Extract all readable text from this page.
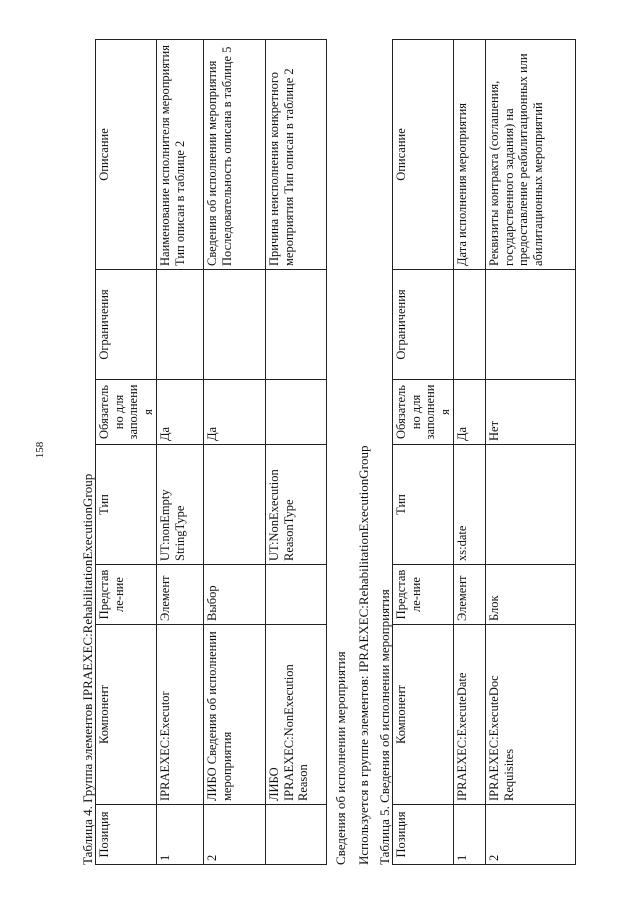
158
Таблица 4. Группа элементов IPRAEXEC:RehabilitationExecutionGroup Позиция	Компонент	Представле-ние	Тип	Обязательно для заполнения	Ограничения	Описание
1	IPRAEXEC:Executor	Элемент	UT:nonEmpty StringType	Да		Наименование исполнителя мероприятия Тип описан в таблице 2
2	ЛИБО Сведения об исполнении мероприятия	Выбор		Да		Сведения об исполнении мероприятия Последовательность описана в таблице 5
	ЛИБО IPRAEXEC:NonExecution Reason		UT:NonExecution ReasonType			Причина неисполнения конкретного мероприятия Тип описан в таблице 2
Сведения об исполнении мероприятия Используется в группе элементов: IPRAEXEC:RehabilitationExecutionGroup Таблица 5. Сведения об исполнении мероприятия Позиция	Компонент	Представле-ние	Тип	Обязательно для заполнения	Ограничения	Описание
1	IPRAEXEC:ExecuteDate	Элемент	xs:date	Да		Дата исполнения мероприятия
2	IPRAEXEC:ExecuteDoc Requisites	Блок		Нет		Реквизиты контракта (соглашения, государственного задания) на предоставление реабилитационных или абилитационных мероприятий
